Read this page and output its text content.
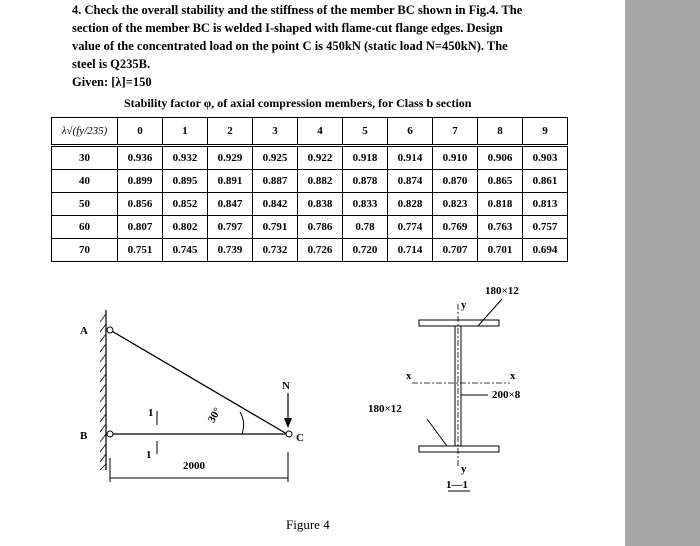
4. Check the overall stability and the stiffness of the member BC shown in Fig.4. The
section of the member BC is welded I-shaped with flame-cut flange edges. Design
value of the concentrated load on the point C is 450kN (static load N=450kN). The
steel is Q235B.
Given: [λ]=150
Stability factor φ, of axial compression members, for Class b section
λ√(fy/235)	0	1	2	3	4	5	6	7	8	9
30	0.936	0.932	0.929	0.925	0.922	0.918	0.914	0.910	0.906	0.903
40	0.899	0.895	0.891	0.887	0.882	0.878	0.874	0.870	0.865	0.861
50	0.856	0.852	0.847	0.842	0.838	0.833	0.828	0.823	0.818	0.813
60	0.807	0.802	0.797	0.791	0.786	0.78	0.774	0.769	0.763	0.757
70	0.751	0.745	0.739	0.732	0.726	0.720	0.714	0.707	0.701	0.694
A
B	C
N
30°
1
1
2000
180×12
180×12
200×8
x	x
y
y
1—1
Figure 4
